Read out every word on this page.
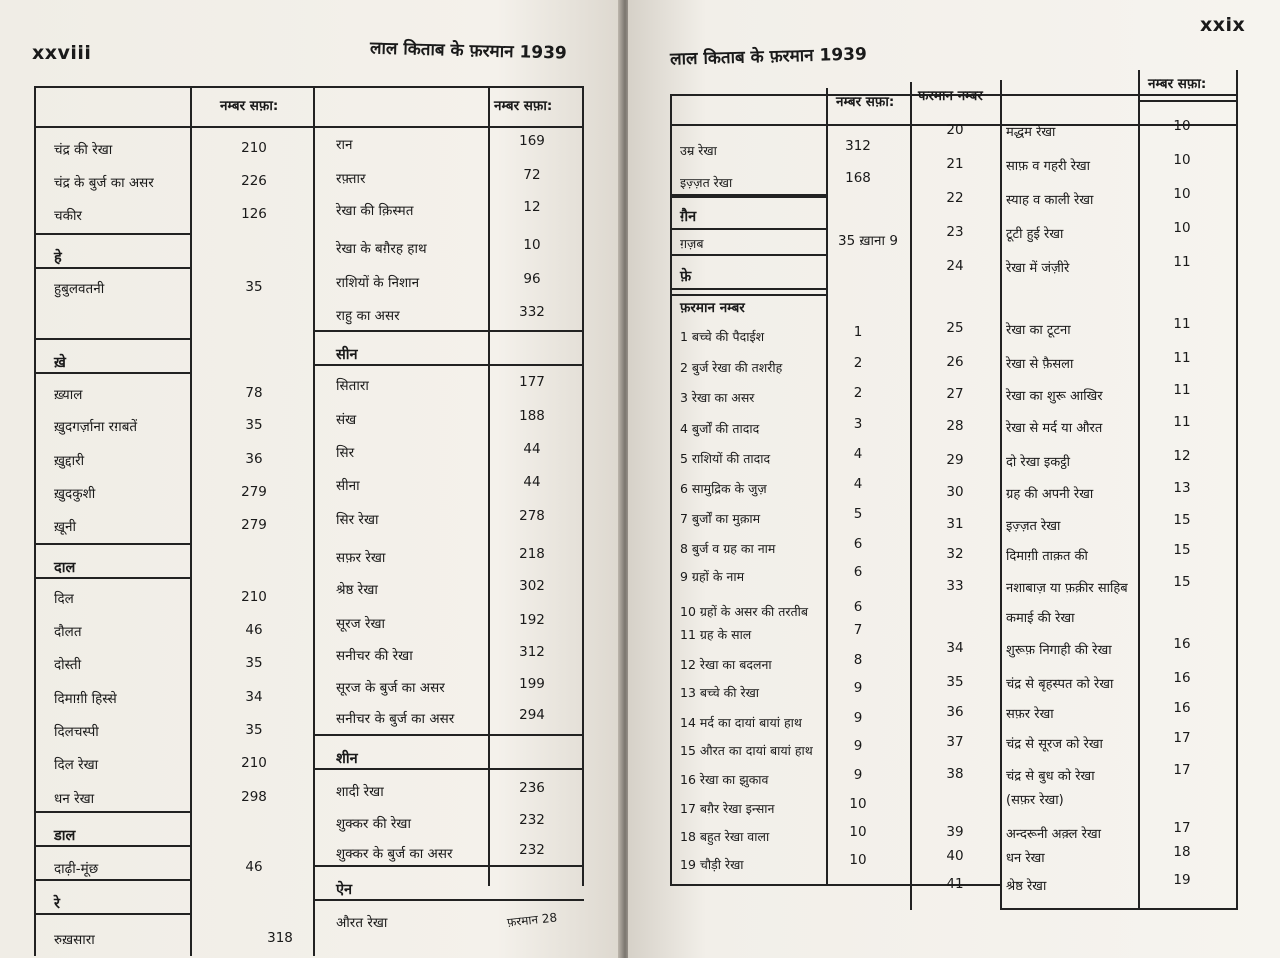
xxviii	लाल किताब के फ़रमान 1939
नम्बर सफ़ा:	नम्बर सफ़ा:
चंद्र की रेखा	210
चंद्र के बुर्ज का असर	226
चकीर	126
हे
हुबुलवतनी	35
ख़े
ख़्याल	78
ख़ुदगर्ज़ाना रग़बतें	35
ख़ुद्दारी	36
ख़ुदकुशी	279
ख़ूनी	279
दाल
दिल	210
दौलत	46
दोस्ती	35
दिमाग़ी हिस्से	34
दिलचस्पी	35
दिल रेखा	210
धन रेखा	298
डाल
दाढ़ी-मूंछ	46
रे
रुख़सारा	318
रान	169
रफ़्तार	72
रेखा की क़िस्मत	12
रेखा के बग़ैरह हाथ	10
राशियों के निशान	96
राहु का असर	332
सीन
सितारा	177
संख	188
सिर	44
सीना	44
सिर रेखा	278
सफ़र रेखा	218
श्रेष्ठ रेखा	302
सूरज रेखा	192
सनीचर की रेखा	312
सूरज के बुर्ज का असर	199
सनीचर के बुर्ज का असर	294
शीन
शादी रेखा	236
शुक्कर की रेखा	232
शुक्कर के बुर्ज का असर	232
ऐन
औरत रेखा	फ़रमान 28
xxix
लाल किताब के फ़रमान 1939
नम्बर सफ़ा: फरमान नम्बर
नम्बर सफ़ा:
उम्र रेखा	312
इज़्ज़त रेखा	168
ग़ैन
ग़ज़ब	35 ख़ाना 9
फ़े
फ़रमान नम्बर
1 बच्चे की पैदाईश	1
2 बुर्ज रेखा की तशरीह	2
3 रेखा का असर	2
4 बुर्जों की तादाद	3
5 राशियों की तादाद	4
6 सामुद्रिक के जुज़	4
7 बुर्जों का मुक़ाम	5
8 बुर्ज व ग्रह का नाम	6
9 ग्रहों के नाम	6
10 ग्रहों के असर की तरतीब	6
11 ग्रह के साल	7
12 रेखा का बदलना	8
13 बच्चे की रेखा	9
14 मर्द का दायां बायां हाथ	9
15 औरत का दायां बायां हाथ	9
16 रेखा का झुकाव	9
17 बग़ैर रेखा इन्सान	10
18 बहुत रेखा वाला	10
19 चौड़ी रेखा	10
20	मद्धम रेखा	10
21	साफ़ व गहरी रेखा	10
22	स्याह व काली रेखा	10
23	टूटी हुई रेखा	10
24	रेखा में जंज़ीरे	11
25	रेखा का टूटना	11
26	रेखा से फ़ैसला	11
27	रेखा का शुरू आखिर	11
28	रेखा से मर्द या औरत	11
29	दो रेखा इकट्ठी	12
30	ग्रह की अपनी रेखा	13
31	इज़्ज़त रेखा	15
32	दिमाग़ी ताक़त की	15
33	नशाबाज़ या फ़क़ीर साहिब	15
कमाई की रेखा
34	शुरूफ़ निगाही की रेखा	16
35	चंद्र से बृहस्पत को रेखा	16
36	सफ़र रेखा	16
37	चंद्र से सूरज को रेखा	17
38	चंद्र से बुध को रेखा	17
(सफ़र रेखा)
39	अन्दरूनी अक़्ल रेखा	17
40	धन रेखा	18
41	श्रेष्ठ रेखा	19
